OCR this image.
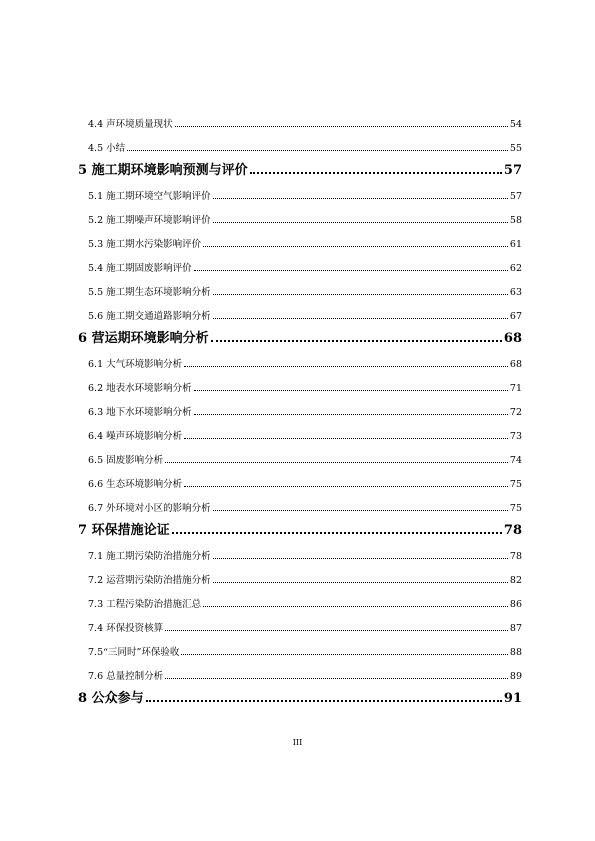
4.4 声环境质量现状	54
4.5 小结	55
5 施工期环境影响预测与评价	57
5.1 施工期环境空气影响评价	57
5.2 施工期噪声环境影响评价	58
5.3 施工期水污染影响评价	61
5.4 施工期固废影响评价	62
5.5 施工期生态环境影响分析	63
5.6 施工期交通道路影响分析	67
6 营运期环境影响分析	68
6.1 大气环境影响分析	68
6.2 地表水环境影响分析	71
6.3 地下水环境影响分析	72
6.4 噪声环境影响分析	73
6.5 固废影响分析	74
6.6 生态环境影响分析	75
6.7 外环境对小区的影响分析	75
7 环保措施论证	78
7.1 施工期污染防治措施分析	78
7.2 运营期污染防治措施分析	82
7.3 工程污染防治措施汇总	86
7.4 环保投资核算	87
7.5“三同时”环保验收	88
7.6 总量控制分析	89
8 公众参与	91
III
